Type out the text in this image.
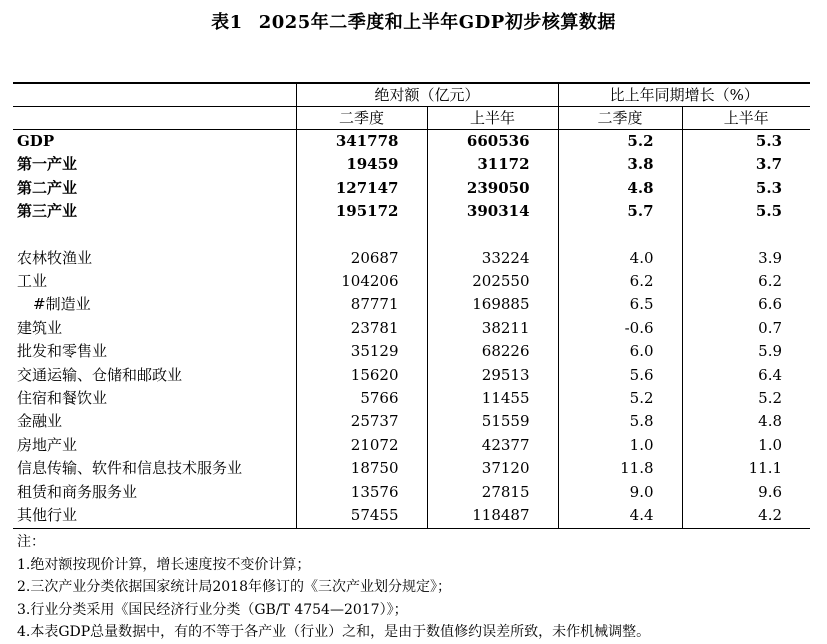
表1 2025年二季度和上半年GDP初步核算数据
	绝对额（亿元）		比上年同期增长（%）	
	二季度	上半年	二季度	上半年
GDP	341778	660536	5.2	5.3
第一产业	19459	31172	3.8	3.7
第二产业	127147	239050	4.8	5.3
第三产业	195172	390314	5.7	5.5

农林牧渔业	20687	33224	4.0	3.9
工业	104206	202550	6.2	6.2
#制造业	87771	169885	6.5	6.6
建筑业	23781	38211	-0.6	0.7
批发和零售业	35129	68226	6.0	5.9
交通运输、仓储和邮政业	15620	29513	5.6	6.4
住宿和餐饮业	5766	11455	5.2	5.2
金融业	25737	51559	5.8	4.8
房地产业	21072	42377	1.0	1.0
信息传输、软件和信息技术服务业	18750	37120	11.8	11.1
租赁和商务服务业	13576	27815	9.0	9.6
其他行业	57455	118487	4.4	4.2
注：
1.绝对额按现价计算，增长速度按不变价计算；
2.三次产业分类依据国家统计局2018年修订的《三次产业划分规定》；
3.行业分类采用《国民经济行业分类（GB/T 4754—2017）》；
4.本表GDP总量数据中，有的不等于各产业（行业）之和，是由于数值修约误差所致，未作机械调整。
